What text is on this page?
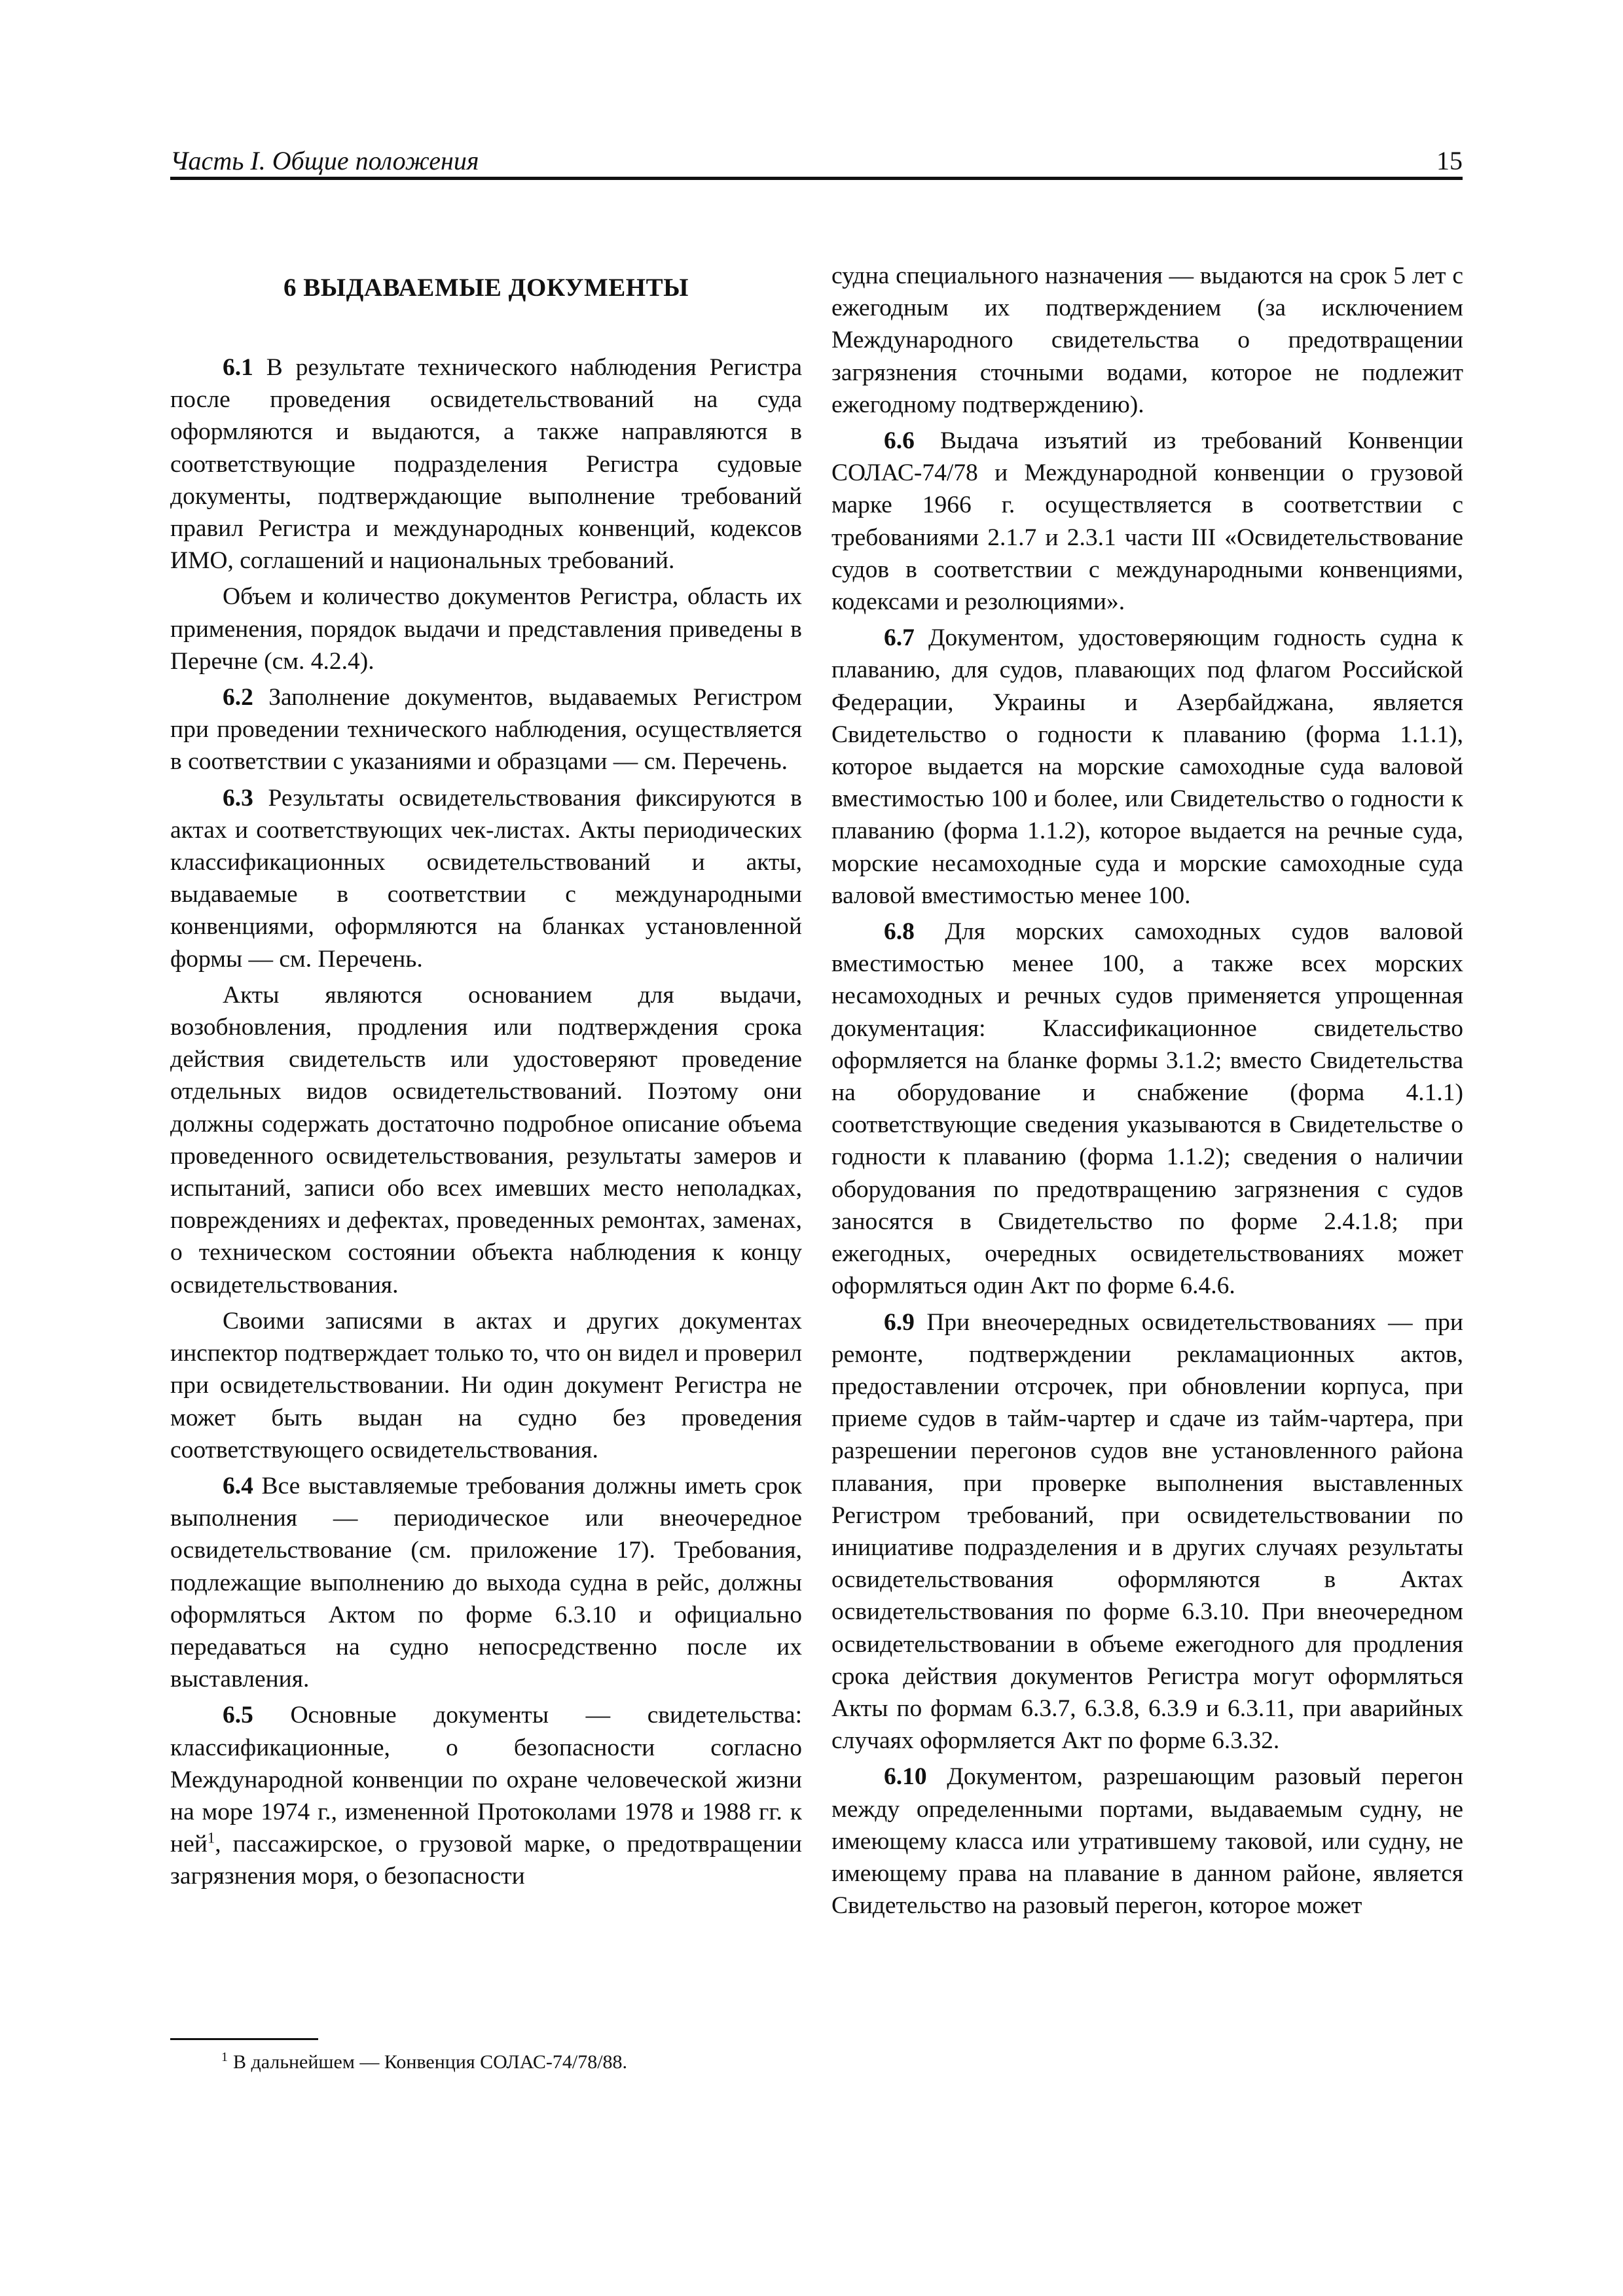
Часть I. Общие положения	15
6 ВЫДАВАЕМЫЕ ДОКУМЕНТЫ

6.1 В результате технического наблюдения Регистра после проведения освидетельствований на суда оформляются и выдаются, а также направляются в соответствующие подразделения Регистра судовые документы, подтверждающие выполнение требований правил Регистра и международных конвенций, кодексов ИМО, соглашений и национальных требований.

Объем и количество документов Регистра, область их применения, порядок выдачи и представления приведены в Перечне (см. 4.2.4).

6.2 Заполнение документов, выдаваемых Регистром при проведении технического наблюдения, осуществляется в соответствии с указаниями и образцами — см. Перечень.

6.3 Результаты освидетельствования фиксируются в актах и соответствующих чек-листах. Акты периодических классификационных освидетельствований и акты, выдаваемые в соответствии с международными конвенциями, оформляются на бланках установленной формы — см. Перечень.

Акты являются основанием для выдачи, возобновления, продления или подтверждения срока действия свидетельств или удостоверяют проведение отдельных видов освидетельствований. Поэтому они должны содержать достаточно подробное описание объема проведенного освидетельствования, результаты замеров и испытаний, записи обо всех имевших место неполадках, повреждениях и дефектах, проведенных ремонтах, заменах, о техническом состоянии объекта наблюдения к концу освидетельствования.

Своими записями в актах и других документах инспектор подтверждает только то, что он видел и проверил при освидетельствовании. Ни один документ Регистра не может быть выдан на судно без проведения соответствующего освидетельствования.

6.4 Все выставляемые требования должны иметь срок выполнения — периодическое или внеочередное освидетельствование (см. приложение 17). Требования, подлежащие выполнению до выхода судна в рейс, должны оформляться Актом по форме 6.3.10 и официально передаваться на судно непосредственно после их выставления.

6.5 Основные документы — свидетельства: классификационные, о безопасности согласно Международной конвенции по охране человеческой жизни на море 1974 г., измененной Протоколами 1978 и 1988 гг. к ней$^1$, пассажирское, о грузовой марке, о предотвращении загрязнения моря, о безопасности

$^1$ В дальнейшем — Конвенция СОЛАС-74/78/88.

судна специального назначения — выдаются на срок 5 лет с ежегодным их подтверждением (за исключением Международного свидетельства о предотвращении загрязнения сточными водами, которое не подлежит ежегодному подтверждению).

6.6 Выдача изъятий из требований Конвенции СОЛАС-74/78 и Международной конвенции о грузовой марке 1966 г. осуществляется в соответствии с требованиями 2.1.7 и 2.3.1 части III «Освидетельствование судов в соответствии с международными конвенциями, кодексами и резолюциями».

6.7 Документом, удостоверяющим годность судна к плаванию, для судов, плавающих под флагом Российской Федерации, Украины и Азербайджана, является Свидетельство о годности к плаванию (форма 1.1.1), которое выдается на морские самоходные суда валовой вместимостью 100 и более, или Свидетельство о годности к плаванию (форма 1.1.2), которое выдается на речные суда, морские несамоходные суда и морские самоходные суда валовой вместимостью менее 100.

6.8 Для морских самоходных судов валовой вместимостью менее 100, а также всех морских несамоходных и речных судов применяется упрощенная документация: Классификационное свидетельство оформляется на бланке формы 3.1.2; вместо Свидетельства на оборудование и снабжение (форма 4.1.1) соответствующие сведения указываются в Свидетельстве о годности к плаванию (форма 1.1.2); сведения о наличии оборудования по предотвращению загрязнения с судов заносятся в Свидетельство по форме 2.4.1.8; при ежегодных, очередных освидетельствованиях может оформляться один Акт по форме 6.4.6.

6.9 При внеочередных освидетельствованиях — при ремонте, подтверждении рекламационных актов, предоставлении отсрочек, при обновлении корпуса, при приеме судов в тайм-чартер и сдаче из тайм-чартера, при разрешении перегонов судов вне установленного района плавания, при проверке выполнения выставленных Регистром требований, при освидетельствовании по инициативе подразделения и в других случаях результаты освидетельствования оформляются в Актах освидетельствования по форме 6.3.10. При внеочередном освидетельствовании в объеме ежегодного для продления срока действия документов Регистра могут оформляться Акты по формам 6.3.7, 6.3.8, 6.3.9 и 6.3.11, при аварийных случаях оформляется Акт по форме 6.3.32.

6.10 Документом, разрешающим разовый перегон между определенными портами, выдаваемым судну, не имеющему класса или утратившему таковой, или судну, не имеющему права на плавание в данном районе, является Свидетельство на разовый перегон, которое может
